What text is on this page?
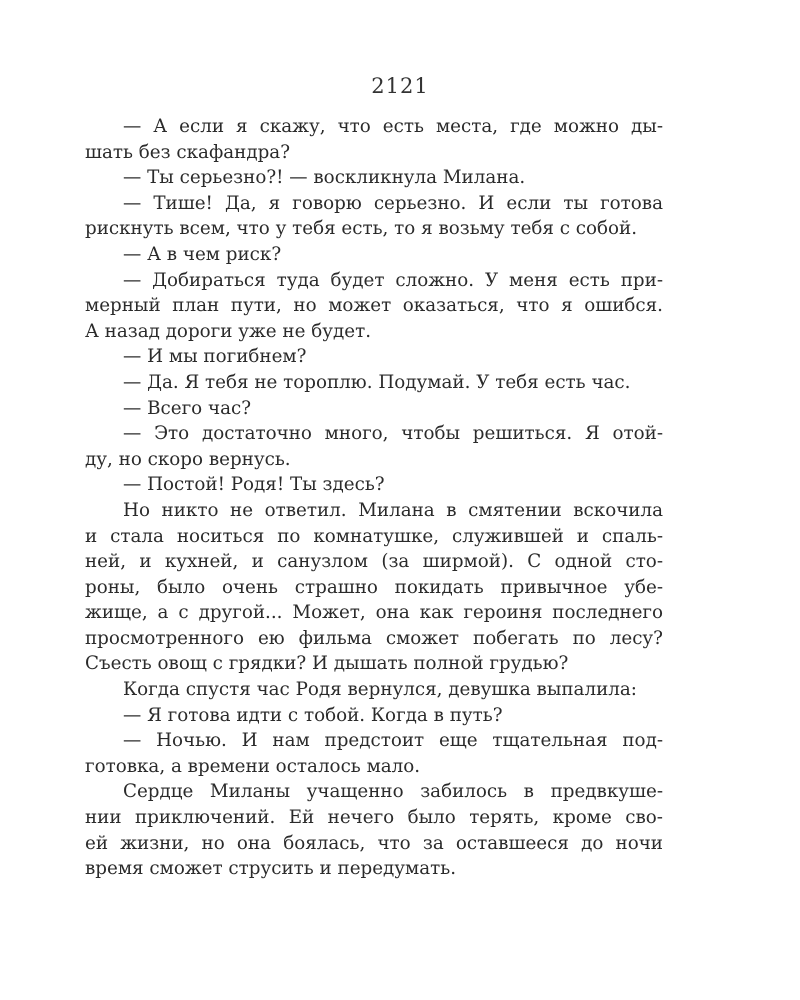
2121
— А если я скажу, что есть места, где можно ды-
шать без скафандра?
— Ты серьезно?! — воскликнула Милана.
— Тише! Да, я говорю серьезно. И если ты готова
рискнуть всем, что у тебя есть, то я возьму тебя с собой.
— А в чем риск?
— Добираться туда будет сложно. У меня есть при-
мерный план пути, но может оказаться, что я ошибся.
А назад дороги уже не будет.
— И мы погибнем?
— Да. Я тебя не тороплю. Подумай. У тебя есть час.
— Всего час?
— Это достаточно много, чтобы решиться. Я отой-
ду, но скоро вернусь.
— Постой! Родя! Ты здесь?
Но никто не ответил. Милана в смятении вскочила
и стала носиться по комнатушке, служившей и спаль-
ней, и кухней, и санузлом (за ширмой). С одной сто-
роны, было очень страшно покидать привычное убе-
жище, а с другой... Может, она как героиня последнего
просмотренного ею фильма сможет побегать по лесу?
Съесть овощ с грядки? И дышать полной грудью?
Когда спустя час Родя вернулся, девушка выпалила:
— Я готова идти с тобой. Когда в путь?
— Ночью. И нам предстоит еще тщательная под-
готовка, а времени осталось мало.
Сердце Миланы учащенно забилось в предвкуше-
нии приключений. Ей нечего было терять, кроме сво-
ей жизни, но она боялась, что за оставшееся до ночи
время сможет струсить и передумать.
